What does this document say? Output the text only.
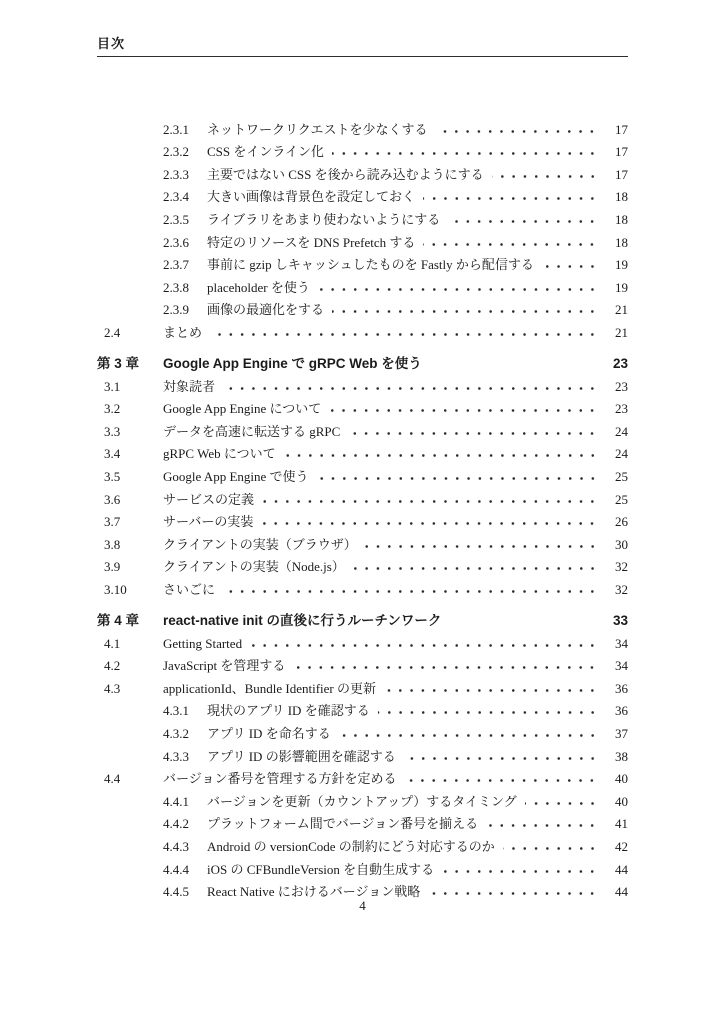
目次
2.3.1	ネットワークリクエストを少なくする	17
2.3.2	CSS をインライン化	17
2.3.3	主要ではない CSS を後から読み込むようにする	17
2.3.4	大きい画像は背景色を設定しておく	18
2.3.5	ライブラリをあまり使わないようにする	18
2.3.6	特定のリソースを DNS Prefetch する	18
2.3.7	事前に gzip しキャッシュしたものを Fastly から配信する	19
2.3.8	placeholder を使う	19
2.3.9	画像の最適化をする	21
2.4	まとめ	21
第 3 章	Google App Engine で gRPC Web を使う	23
3.1	対象読者	23
3.2	Google App Engine について	23
3.3	データを高速に転送する gRPC	24
3.4	gRPC Web について	24
3.5	Google App Engine で使う	25
3.6	サービスの定義	25
3.7	サーバーの実装	26
3.8	クライアントの実装（ブラウザ）	30
3.9	クライアントの実装（Node.js）	32
3.10	さいごに	32
第 4 章	react-native init の直後に行うルーチンワーク	33
4.1	Getting Started	34
4.2	JavaScript を管理する	34
4.3	applicationId、Bundle Identifier の更新	36
4.3.1	現状のアプリ ID を確認する	36
4.3.2	アプリ ID を命名する	37
4.3.3	アプリ ID の影響範囲を確認する	38
4.4	バージョン番号を管理する方針を定める	40
4.4.1	バージョンを更新（カウントアップ）するタイミング	40
4.4.2	プラットフォーム間でバージョン番号を揃える	41
4.4.3	Android の versionCode の制約にどう対応するのか	42
4.4.4	iOS の CFBundleVersion を自動生成する	44
4.4.5	React Native におけるバージョン戦略	44
4
